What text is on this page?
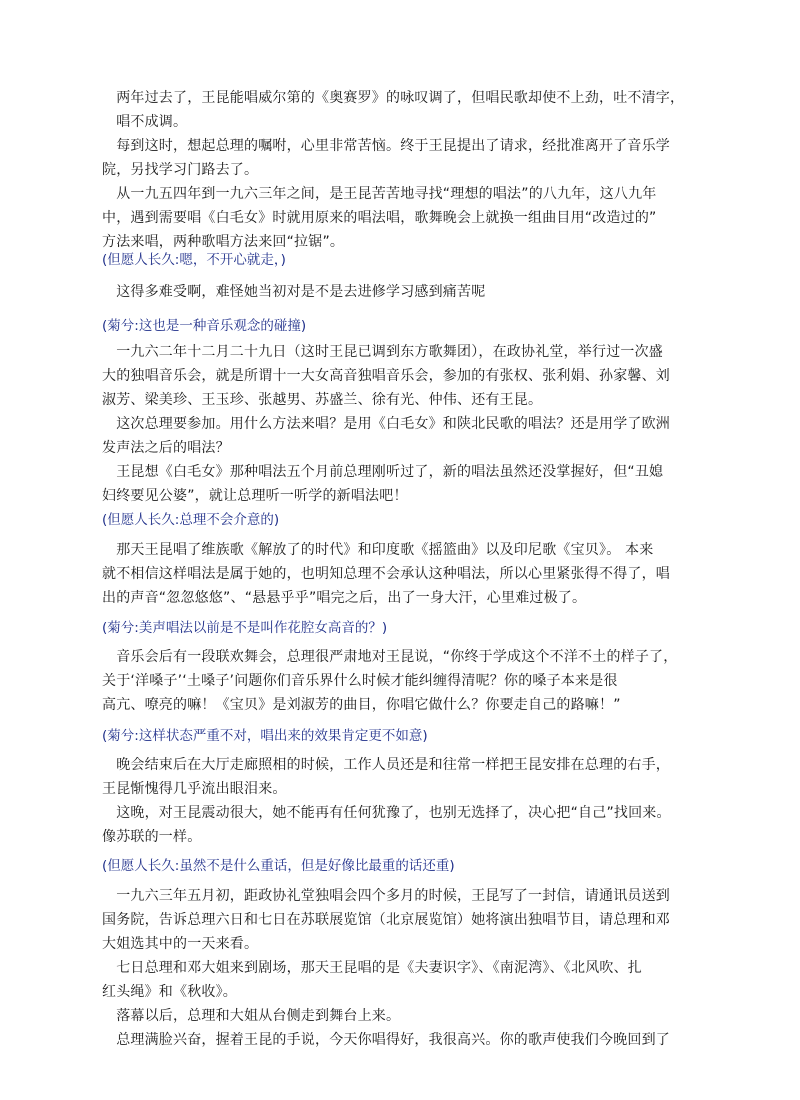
　两年过去了，王昆能唱威尔第的《奥赛罗》的咏叹调了，但唱民歌却使不上劲，吐不清字，
　唱不成调。
　每到这时，想起总理的嘱咐，心里非常苦恼。终于王昆提出了请求，经批准离开了音乐学
院，另找学习门路去了。
　从一九五四年到一九六三年之间，是王昆苦苦地寻找“理想的唱法”的八九年，这八九年
中，遇到需要唱《白毛女》时就用原来的唱法唱，歌舞晚会上就换一组曲目用“改造过的”
方法来唱，两种歌唱方法来回“拉锯”。
(但愿人长久:嗯，不开心就走，)
　这得多难受啊，难怪她当初对是不是去进修学习感到痛苦呢
(菊兮:这也是一种音乐观念的碰撞)
　一九六二年十二月二十九日（这时王昆已调到东方歌舞团），在政协礼堂，举行过一次盛
大的独唱音乐会，就是所谓十一大女高音独唱音乐会，参加的有张权、张利娟、孙家馨、刘
淑芳、梁美珍、王玉珍、张越男、苏盛兰、徐有光、仲伟、还有王昆。
　这次总理要参加。用什么方法来唱？是用《白毛女》和陕北民歌的唱法？还是用学了欧洲
发声法之后的唱法？
　王昆想《白毛女》那种唱法五个月前总理刚听过了，新的唱法虽然还没掌握好，但“丑媳
妇终要见公婆”，就让总理听一听学的新唱法吧！
(但愿人长久:总理不会介意的)
　那天王昆唱了维族歌《解放了的时代》和印度歌《摇篮曲》以及印尼歌《宝贝》。 本来
就不相信这样唱法是属于她的，也明知总理不会承认这种唱法，所以心里紧张得不得了，唱
出的声音“忽忽悠悠”、“悬悬乎乎”唱完之后，出了一身大汗，心里难过极了。
(菊兮:美声唱法以前是不是叫作花腔女高音的？)
　音乐会后有一段联欢舞会，总理很严肃地对王昆说，“你终于学成这个不洋不土的样子了，
关于‘洋嗓子’‘土嗓子’问题你们音乐界什么时候才能纠缠得清呢？你的嗓子本来是很
高亢、嘹亮的嘛！《宝贝》是刘淑芳的曲目，你唱它做什么？你要走自己的路嘛！”
(菊兮:这样状态严重不对，唱出来的效果肯定更不如意)
　晚会结束后在大厅走廊照相的时候，工作人员还是和往常一样把王昆安排在总理的右手，
王昆惭愧得几乎流出眼泪来。
　这晚，对王昆震动很大，她不能再有任何犹豫了，也别无选择了，决心把“自己”找回来。
像苏联的一样。
(但愿人长久:虽然不是什么重话，但是好像比最重的话还重)
　一九六三年五月初，距政协礼堂独唱会四个多月的时候，王昆写了一封信，请通讯员送到
国务院，告诉总理六日和七日在苏联展览馆（北京展览馆）她将演出独唱节目，请总理和邓
大姐选其中的一天来看。
　七日总理和邓大姐来到剧场，那天王昆唱的是《夫妻识字》、《南泥湾》、《北风吹、扎
红头绳》和《秋收》。
　落幕以后，总理和大姐从台侧走到舞台上来。
　总理满脸兴奋，握着王昆的手说，今天你唱得好，我很高兴。你的歌声使我们今晚回到了
